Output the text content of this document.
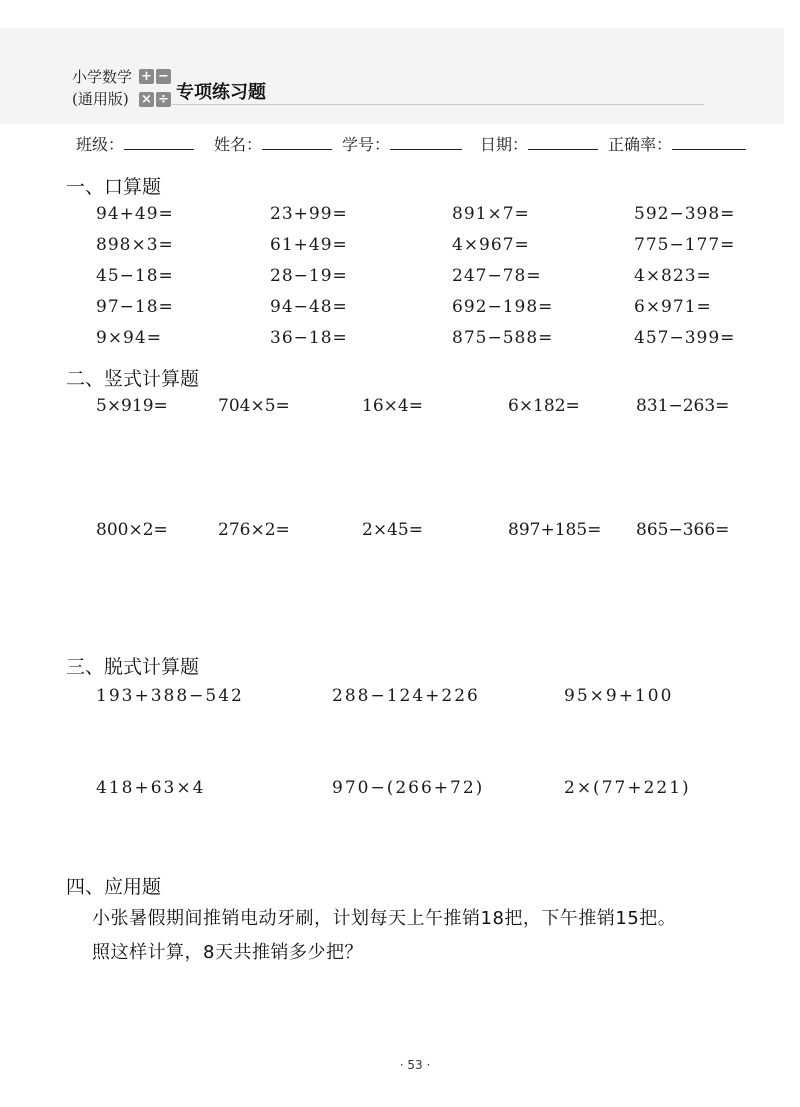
小学数学
(通用版)
+ −
× ÷ 专项练习题
班级：	姓名：	学号：	日期：	正确率：
一、口算题
94+49=	23+99=	891×7=	592−398=
898×3=	61+49=	4×967=	775−177=
45−18=	28−19=	247−78=	4×823=
97−18=	94−48=	692−198=	6×971=
9×94=	36−18=	875−588=	457−399=
二、竖式计算题
5×919=	704×5=	16×4=	6×182=	831−263=
800×2=	276×2=	2×45=	897+185= 865−366=
三、脱式计算题
193+388−542	288−124+226	95×9+100
418+63×4	970−(266+72)	2×(77+221)
四、应用题
小张暑假期间推销电动牙刷，计划每天上午推销18把，下午推销15把。
照这样计算，8天共推销多少把？
· 53 ·
